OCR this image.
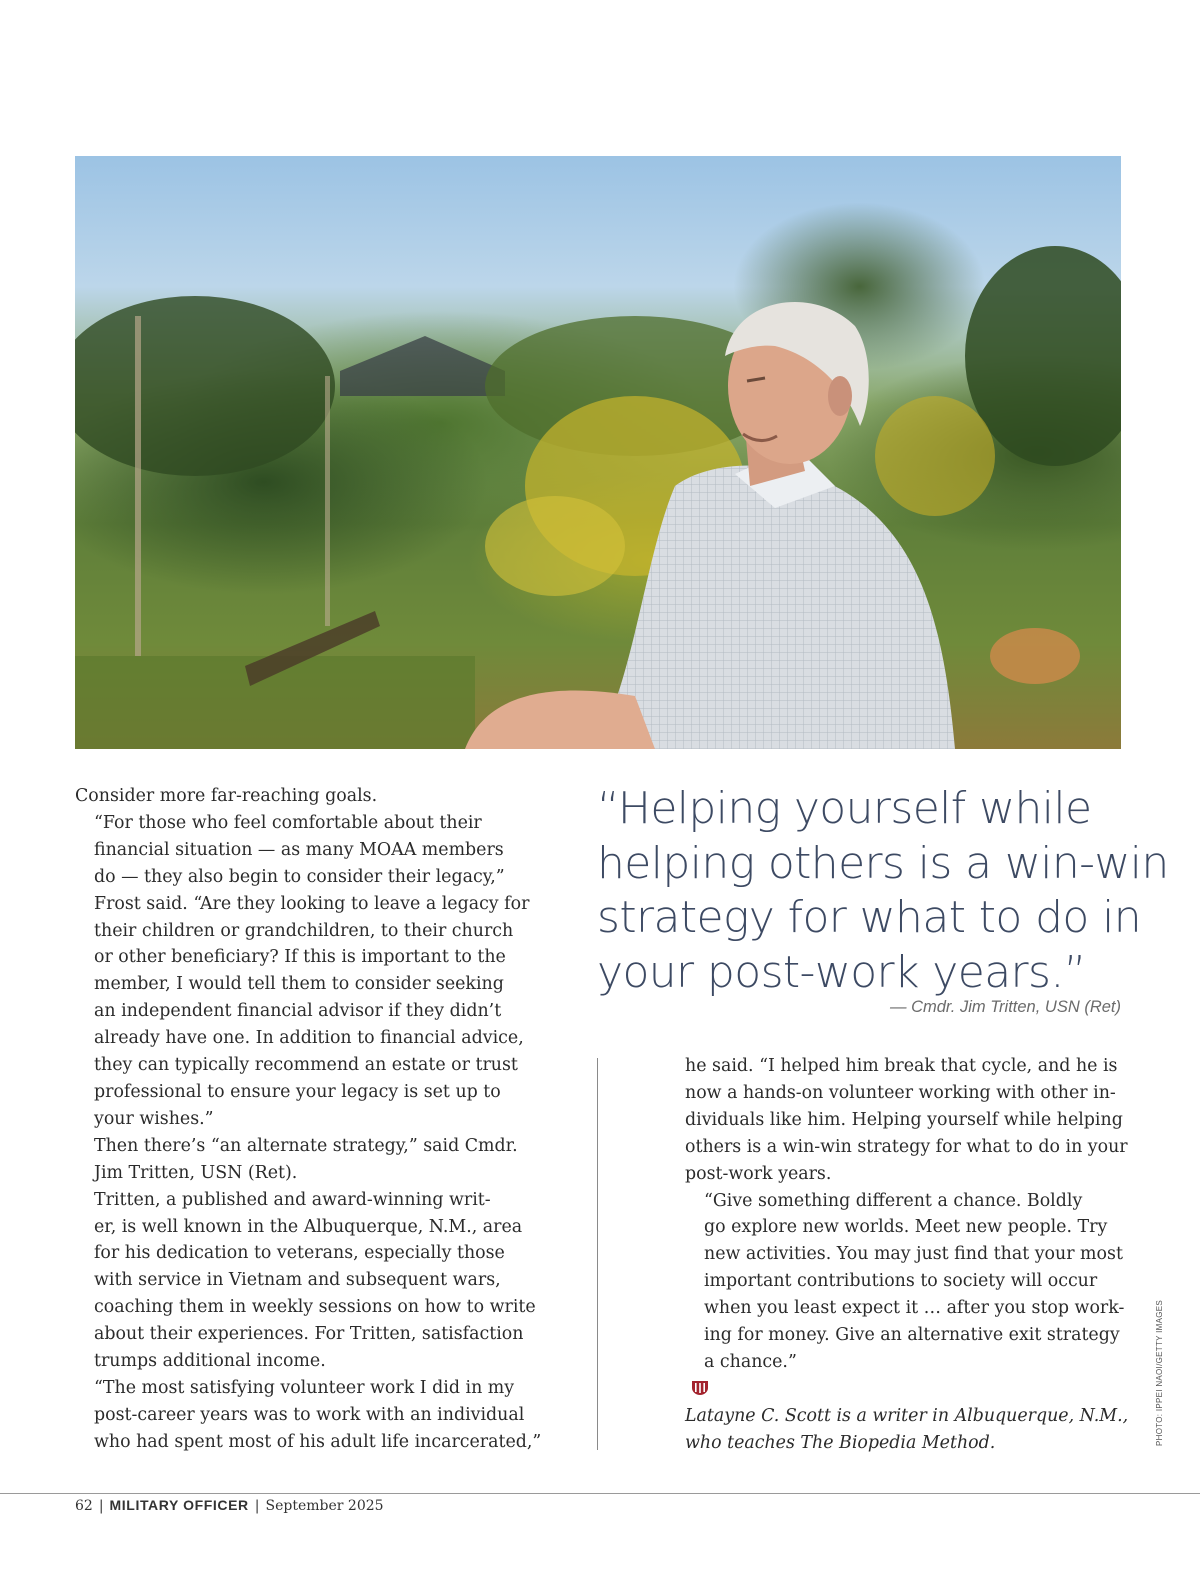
PHOTO: IPPEI NAOI/GETTY IMAGES

Consider more far-reaching goals.

“For those who feel comfortable about their
financial situation — as many MOAA members
do — they also begin to consider their legacy,”
Frost said. “Are they looking to leave a legacy for
their children or grandchildren, to their church
or other beneficiary? If this is important to the
member, I would tell them to consider seeking
an independent financial advisor if they didn’t
already have one. In addition to financial advice,
they can typically recommend an estate or trust
professional to ensure your legacy is set up to
your wishes.”

Then there’s “an alternate strategy,” said Cmdr.
Jim Tritten, USN (Ret).

Tritten, a published and award-winning writ-
er, is well known in the Albuquerque, N.M., area
for his dedication to veterans, especially those
with service in Vietnam and subsequent wars,
coaching them in weekly sessions on how to write
about their experiences. For Tritten, satisfaction
trumps additional income.

“The most satisfying volunteer work I did in my
post-career years was to work with an individual
who had spent most of his adult life incarcerated,”

“Helping yourself while
helping others is a win-win
strategy for what to do in
your post-work years.”
— Cmdr. Jim Tritten, USN (Ret)

he said. “I helped him break that cycle, and he is
now a hands-on volunteer working with other in-
dividuals like him. Helping yourself while helping
others is a win-win strategy for what to do in your
post-work years.

“Give something different a chance. Boldly
go explore new worlds. Meet new people. Try
new activities. You may just find that your most
important contributions to society will occur
when you least expect it … after you stop work-
ing for money. Give an alternative exit strategy
a chance.”

Latayne C. Scott is a writer in Albuquerque, N.M.,
who teaches The Biopedia Method.

62 | MILITARY OFFICER | September 2025
